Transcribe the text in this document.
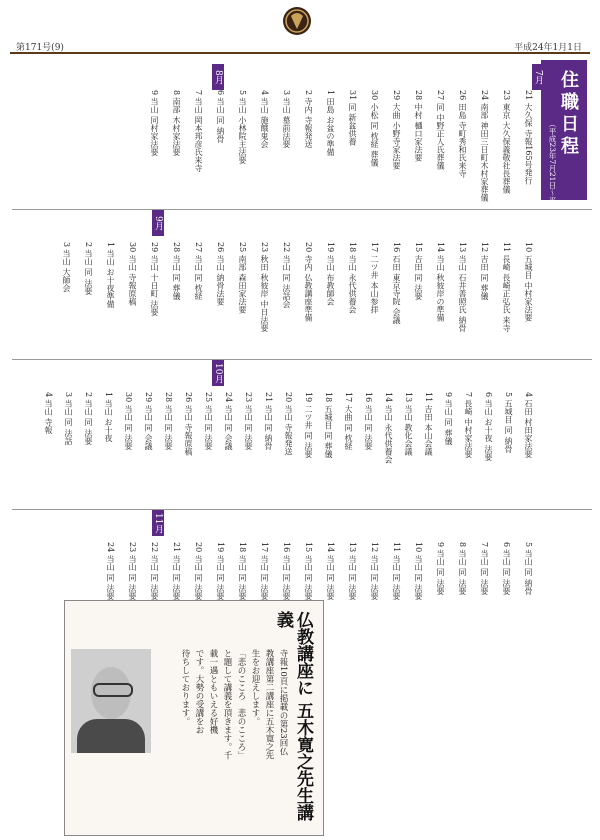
第171号(9)	平成24年1月1日
住職日程
（平成23年7月21日〜平成23年11月21日）
7月
8月
9月
10月
11月
21 大久保 寺報165号発行
23 東京 大久保義敬社長葬儀
24 南部 神田三日町木村家葬儀
26 田島 寺町秀和氏来寺
27 同 中野正人氏葬儀
28 中村 樋口家法要
29 大曲 小野寺家法要
30 小松 同 枕経 葬儀
31 同 新盆供養
1 田島 お盆の準備
2 寺内 寺報発送
3 当山 墓前法要
4 当山 施餓鬼会
5 当山 小林院主法要
6 当山 同 納骨
7 当山 岡本邦彦氏来寺
8 南部 木村家法要
9 当山 同村家法要
10 五城目 中村家法要
11 長崎 長崎正弘氏 来寺
12 吉田 同 葬儀
13 当山 石井善照氏 納骨
14 当山 秋彼岸の準備
15 吉田 同 法要
16 石田 東京寺院 会議
17 二ツ井 本山参拝
18 当山 永代供養会
19 当山 布教師会
20 寺内 仏教講座準備
22 当山 同 法話会
23 秋田 秋彼岸 中日法要
25 南部 森田家法要
26 当山 納骨法要
27 当山 同 枕経
28 当山 同 葬儀
29 当山 十日町 法要
30 当山 寺報原稿
1 当山 お十夜準備
2 当山 同 法要
3 当山 大師会
4 石田 村田家法要
5 五城目 同 納骨
6 当山 お十夜 法要
7 長崎 中村家法要
9 当山 同 葬儀
11 吉田 本山会議
13 当山 教化会議
14 当山 永代供養会
16 当山 同 法要
17 大曲 同 枕経
18 五城目 同 葬儀
19 二ツ井 同 法要
20 当山 寺報発送
21 当山 同 納骨
23 当山 同 法要
24 当山 同 会議
25 当山 同 法要
26 当山 寺報原稿
28 当山 同 法要
29 当山 同 会議
30 当山 同 法要
1 当山 お十夜
2 当山 同 法要
3 当山 同 法話
4 当山 寺報
5 当山 同 納骨
6 当山 同 法要
7 当山 同 法要
8 当山 同 法要
9 当山 同 法要
10 当山 同 法要
11 当山 同 法要
12 当山 同 法要
13 当山 同 法要
14 当山 同 法要
15 当山 同 法要
16 当山 同 法要
17 当山 同 法要
18 当山 同 法要
19 当山 同 法要
20 当山 同 法要
21 当山 同 法要
22 当山 同 法要
23 当山 同 法要
24 当山 同 法要
仏教講座に 五木寛之先生講義
寺報10頁に掲載の第23回仏
教講座第二講座に五木寛之先
生をお迎えします。
「悲のこころ　悲のこころ」
と題して講義を頂きます。千
載一遇ともいえる好機
です。大勢の受講をお
待ちしております。
